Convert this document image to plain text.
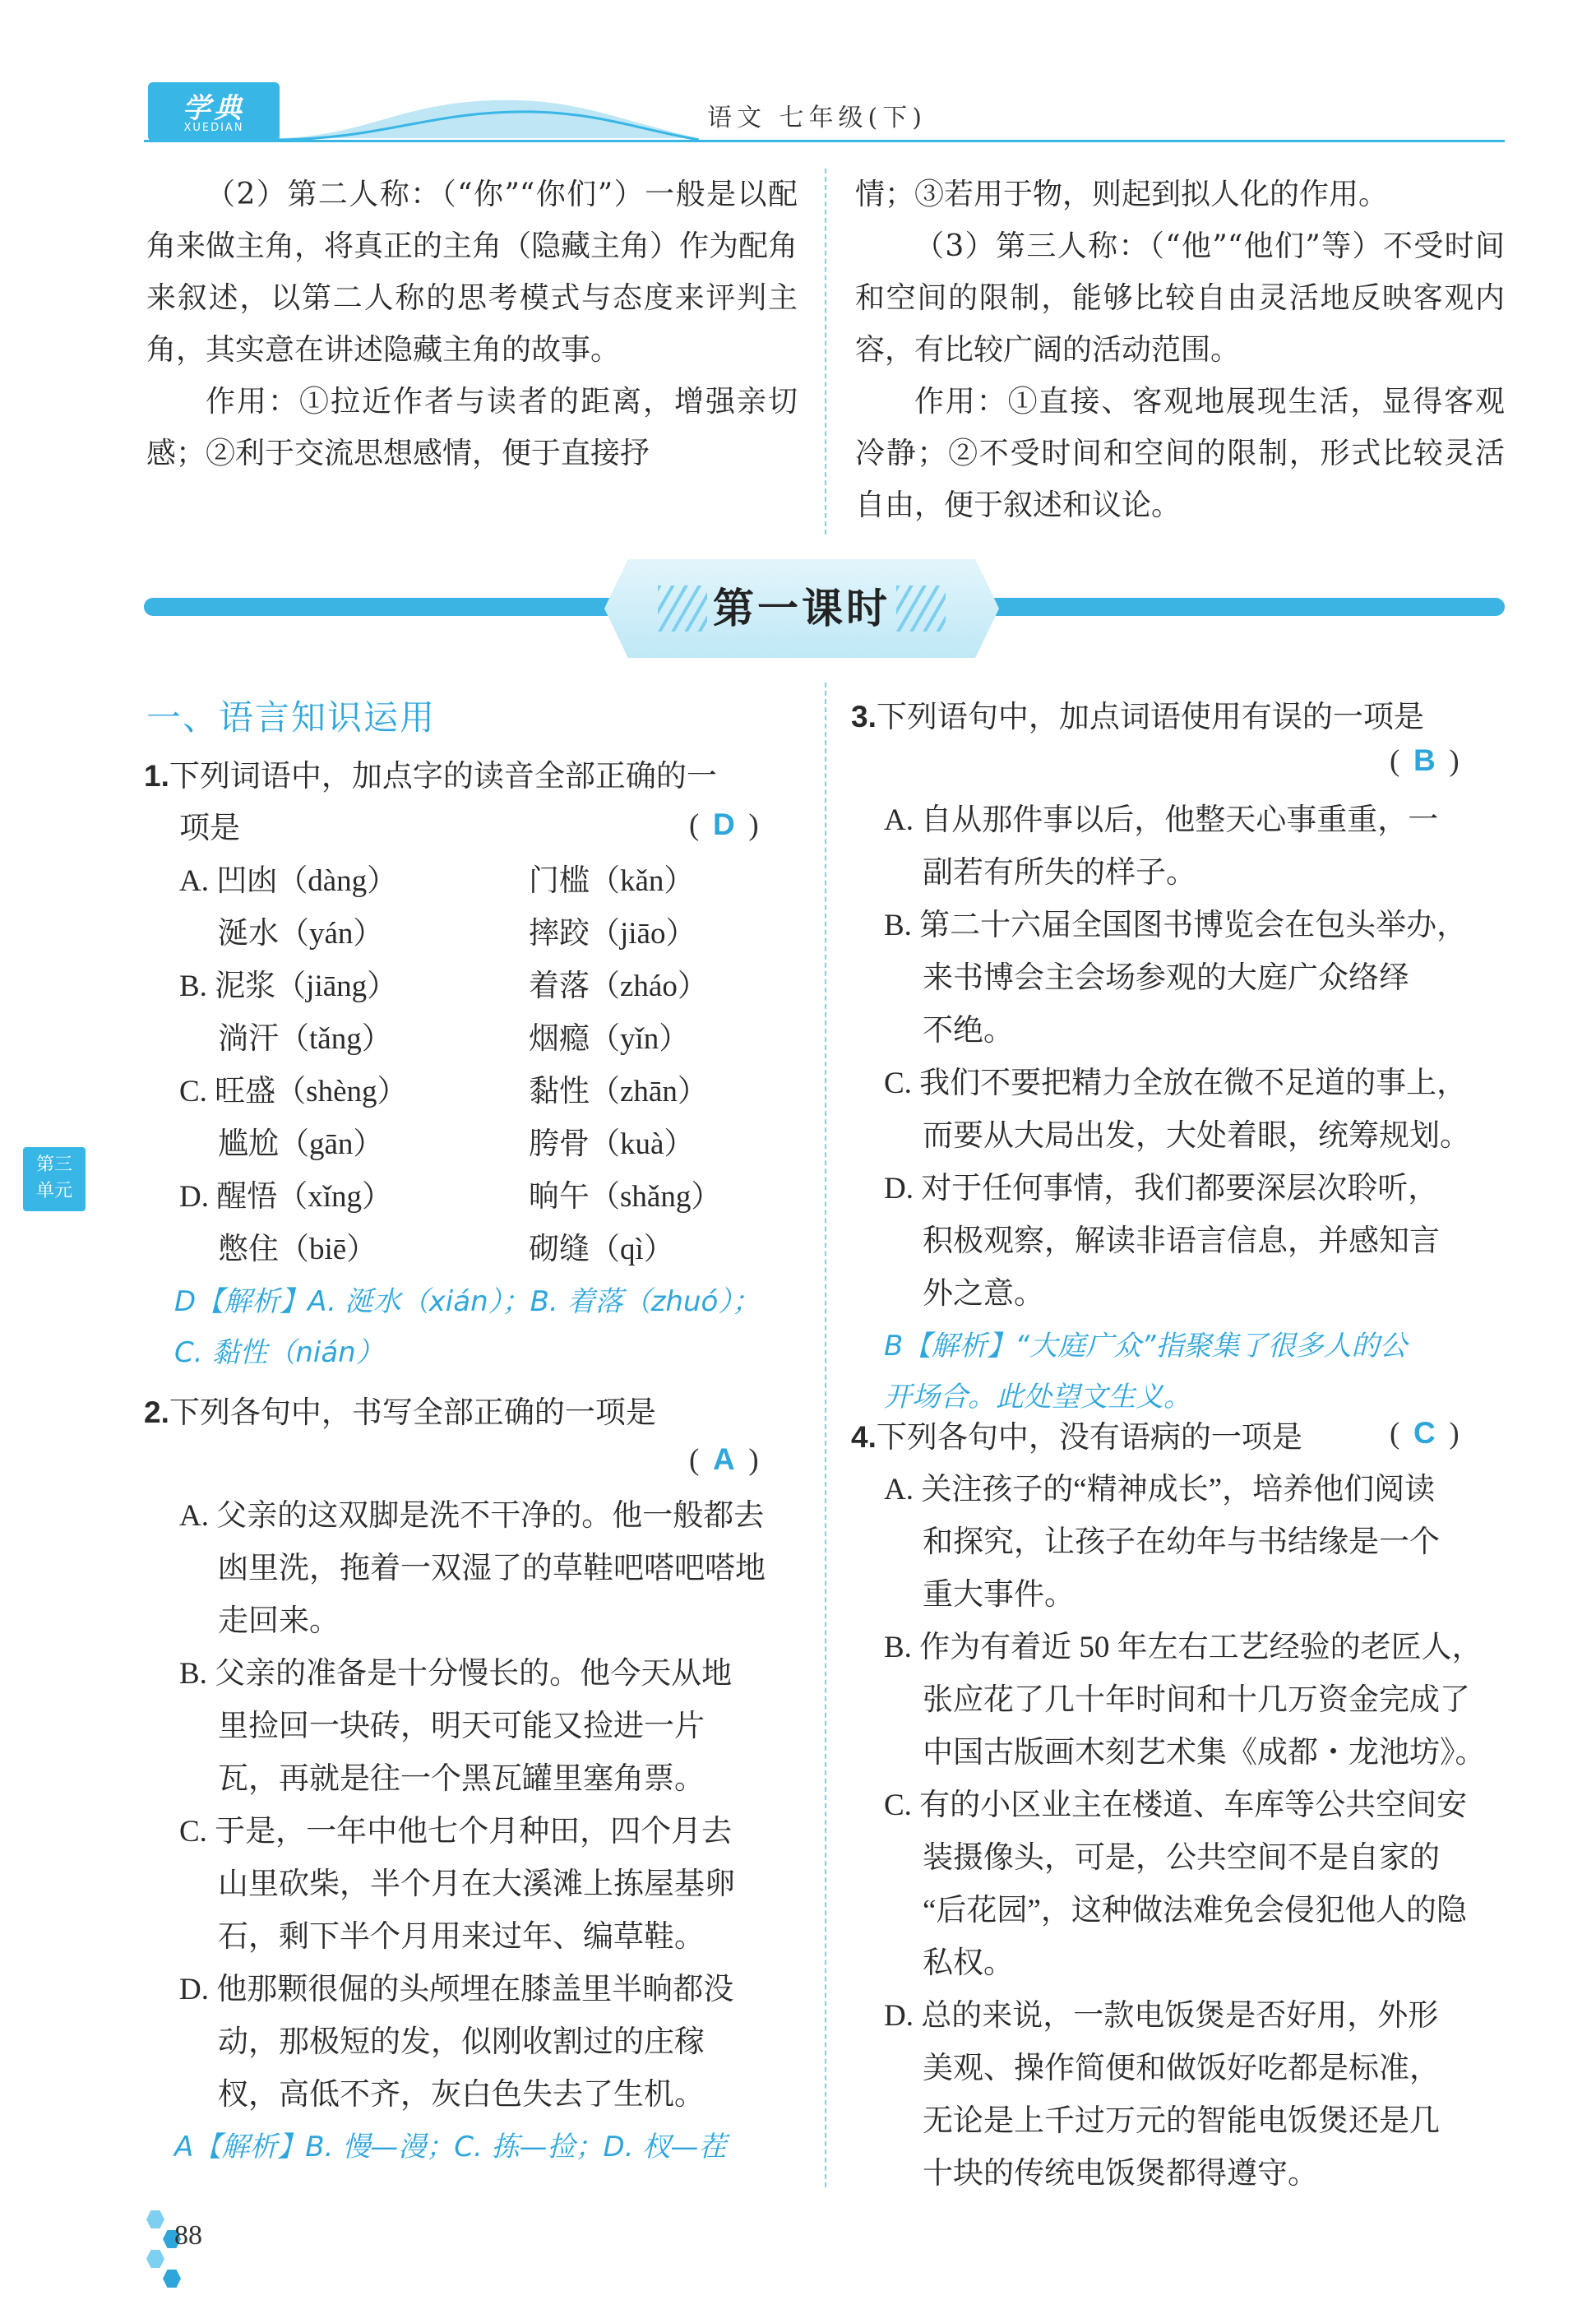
学典
XUEDIAN	语文 七年级(下)

（2）第二人称：（“你”“你们”）一般是以配角来做主角，将真正的主角（隐藏主角）作为配角来叙述，以第二人称的思考模式与态度来评判主角，其实意在讲述隐藏主角的故事。

作用：①拉近作者与读者的距离，增强亲切感；②利于交流思想感情，便于直接抒

情；③若用于物，则起到拟人化的作用。

（3）第三人称：（“他”“他们”等）不受时间和空间的限制，能够比较自由灵活地反映客观内容，有比较广阔的活动范围。

作用：①直接、客观地展现生活，显得客观冷静；②不受时间和空间的限制，形式比较灵活自由，便于叙述和议论。

第一课时
一、语言知识运用
1.下列词语中，加点字的读音全部正确的一
项是	( D )
A. 凹凼（dàng）	门槛（kǎn）
涎水（yán）	摔跤（jiāo）
B. 泥浆（jiāng）	着落（zháo）
淌汗（tǎng）	烟瘾（yǐn）
C. 旺盛（shèng）	黏性（zhān）
尴尬（gān）	胯骨（kuà）
D. 醒悟（xǐng）	晌午（shǎng）
憋住（biē）	砌缝（qì）
D【解析】A. 涎水（xián）；B. 着落（zhuó）；
C. 黏性（nián）
2.下列各句中，书写全部正确的一项是
( A )
A. 父亲的这双脚是洗不干净的。他一般都去
凼里洗，拖着一双湿了的草鞋吧嗒吧嗒地
走回来。
B. 父亲的准备是十分慢长的。他今天从地
里捡回一块砖，明天可能又捡进一片
瓦，再就是往一个黑瓦罐里塞角票。
C. 于是，一年中他七个月种田，四个月去
山里砍柴，半个月在大溪滩上拣屋基卵
石，剩下半个月用来过年、编草鞋。
D. 他那颗很倔的头颅埋在膝盖里半晌都没
动，那极短的发，似刚收割过的庄稼
杈，高低不齐，灰白色失去了生机。
A【解析】B. 慢—漫；C. 拣—捡；D. 杈—茬
3.下列语句中，加点词语使用有误的一项是
( B )
A. 自从那件事以后，他整天心事重重，一
副若有所失的样子。
B. 第二十六届全国图书博览会在包头举办，
来书博会主会场参观的大庭广众络绎
不绝。
C. 我们不要把精力全放在微不足道的事上，
而要从大局出发，大处着眼，统筹规划。
D. 对于任何事情，我们都要深层次聆听，
积极观察，解读非语言信息，并感知言
外之意。
B【解析】“大庭广众”指聚集了很多人的公
开场合。此处望文生义。
4.下列各句中，没有语病的一项是	( C )
A. 关注孩子的“精神成长”，培养他们阅读
和探究，让孩子在幼年与书结缘是一个
重大事件。
B. 作为有着近 50 年左右工艺经验的老匠人，
张应花了几十年时间和十几万资金完成了
中国古版画木刻艺术集《成都・龙池坊》。
C. 有的小区业主在楼道、车库等公共空间安
装摄像头，可是，公共空间不是自家的
“后花园”，这种做法难免会侵犯他人的隐
私权。
D. 总的来说，一款电饭煲是否好用，外形
美观、操作简便和做饭好吃都是标准，
无论是上千过万元的智能电饭煲还是几
十块的传统电饭煲都得遵守。
第三
单元
88
